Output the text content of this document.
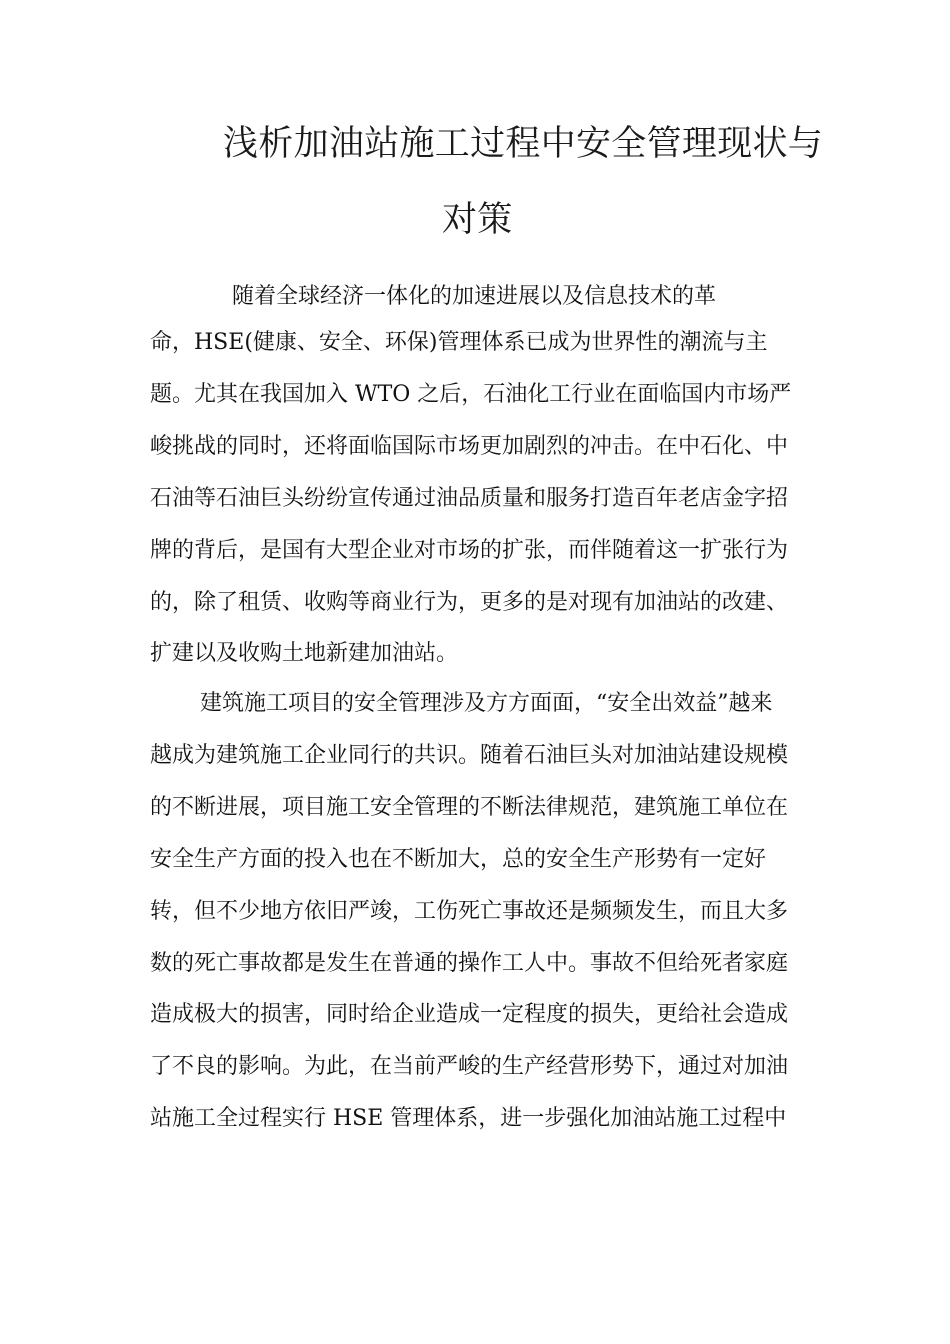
浅析加油站施工过程中安全管理现状与
对策
随着全球经济一体化的加速进展以及信息技术的革
命，HSE(健康、安全、环保)管理体系已成为世界性的潮流与主
题。尤其在我国加入 WTO 之后，石油化工行业在面临国内市场严
峻挑战的同时，还将面临国际市场更加剧烈的冲击。在中石化、中
石油等石油巨头纷纷宣传通过油品质量和服务打造百年老店金字招
牌的背后，是国有大型企业对市场的扩张，而伴随着这一扩张行为
的，除了租赁、收购等商业行为，更多的是对现有加油站的改建、
扩建以及收购土地新建加油站。
建筑施工项目的安全管理涉及方方面面，“安全出效益”越来
越成为建筑施工企业同行的共识。随着石油巨头对加油站建设规模
的不断进展，项目施工安全管理的不断法律规范，建筑施工单位在
安全生产方面的投入也在不断加大，总的安全生产形势有一定好
转，但不少地方依旧严竣，工伤死亡事故还是频频发生，而且大多
数的死亡事故都是发生在普通的操作工人中。事故不但给死者家庭
造成极大的损害，同时给企业造成一定程度的损失，更给社会造成
了不良的影响。为此，在当前严峻的生产经营形势下，通过对加油
站施工全过程实行 HSE 管理体系，进一步强化加油站施工过程中
